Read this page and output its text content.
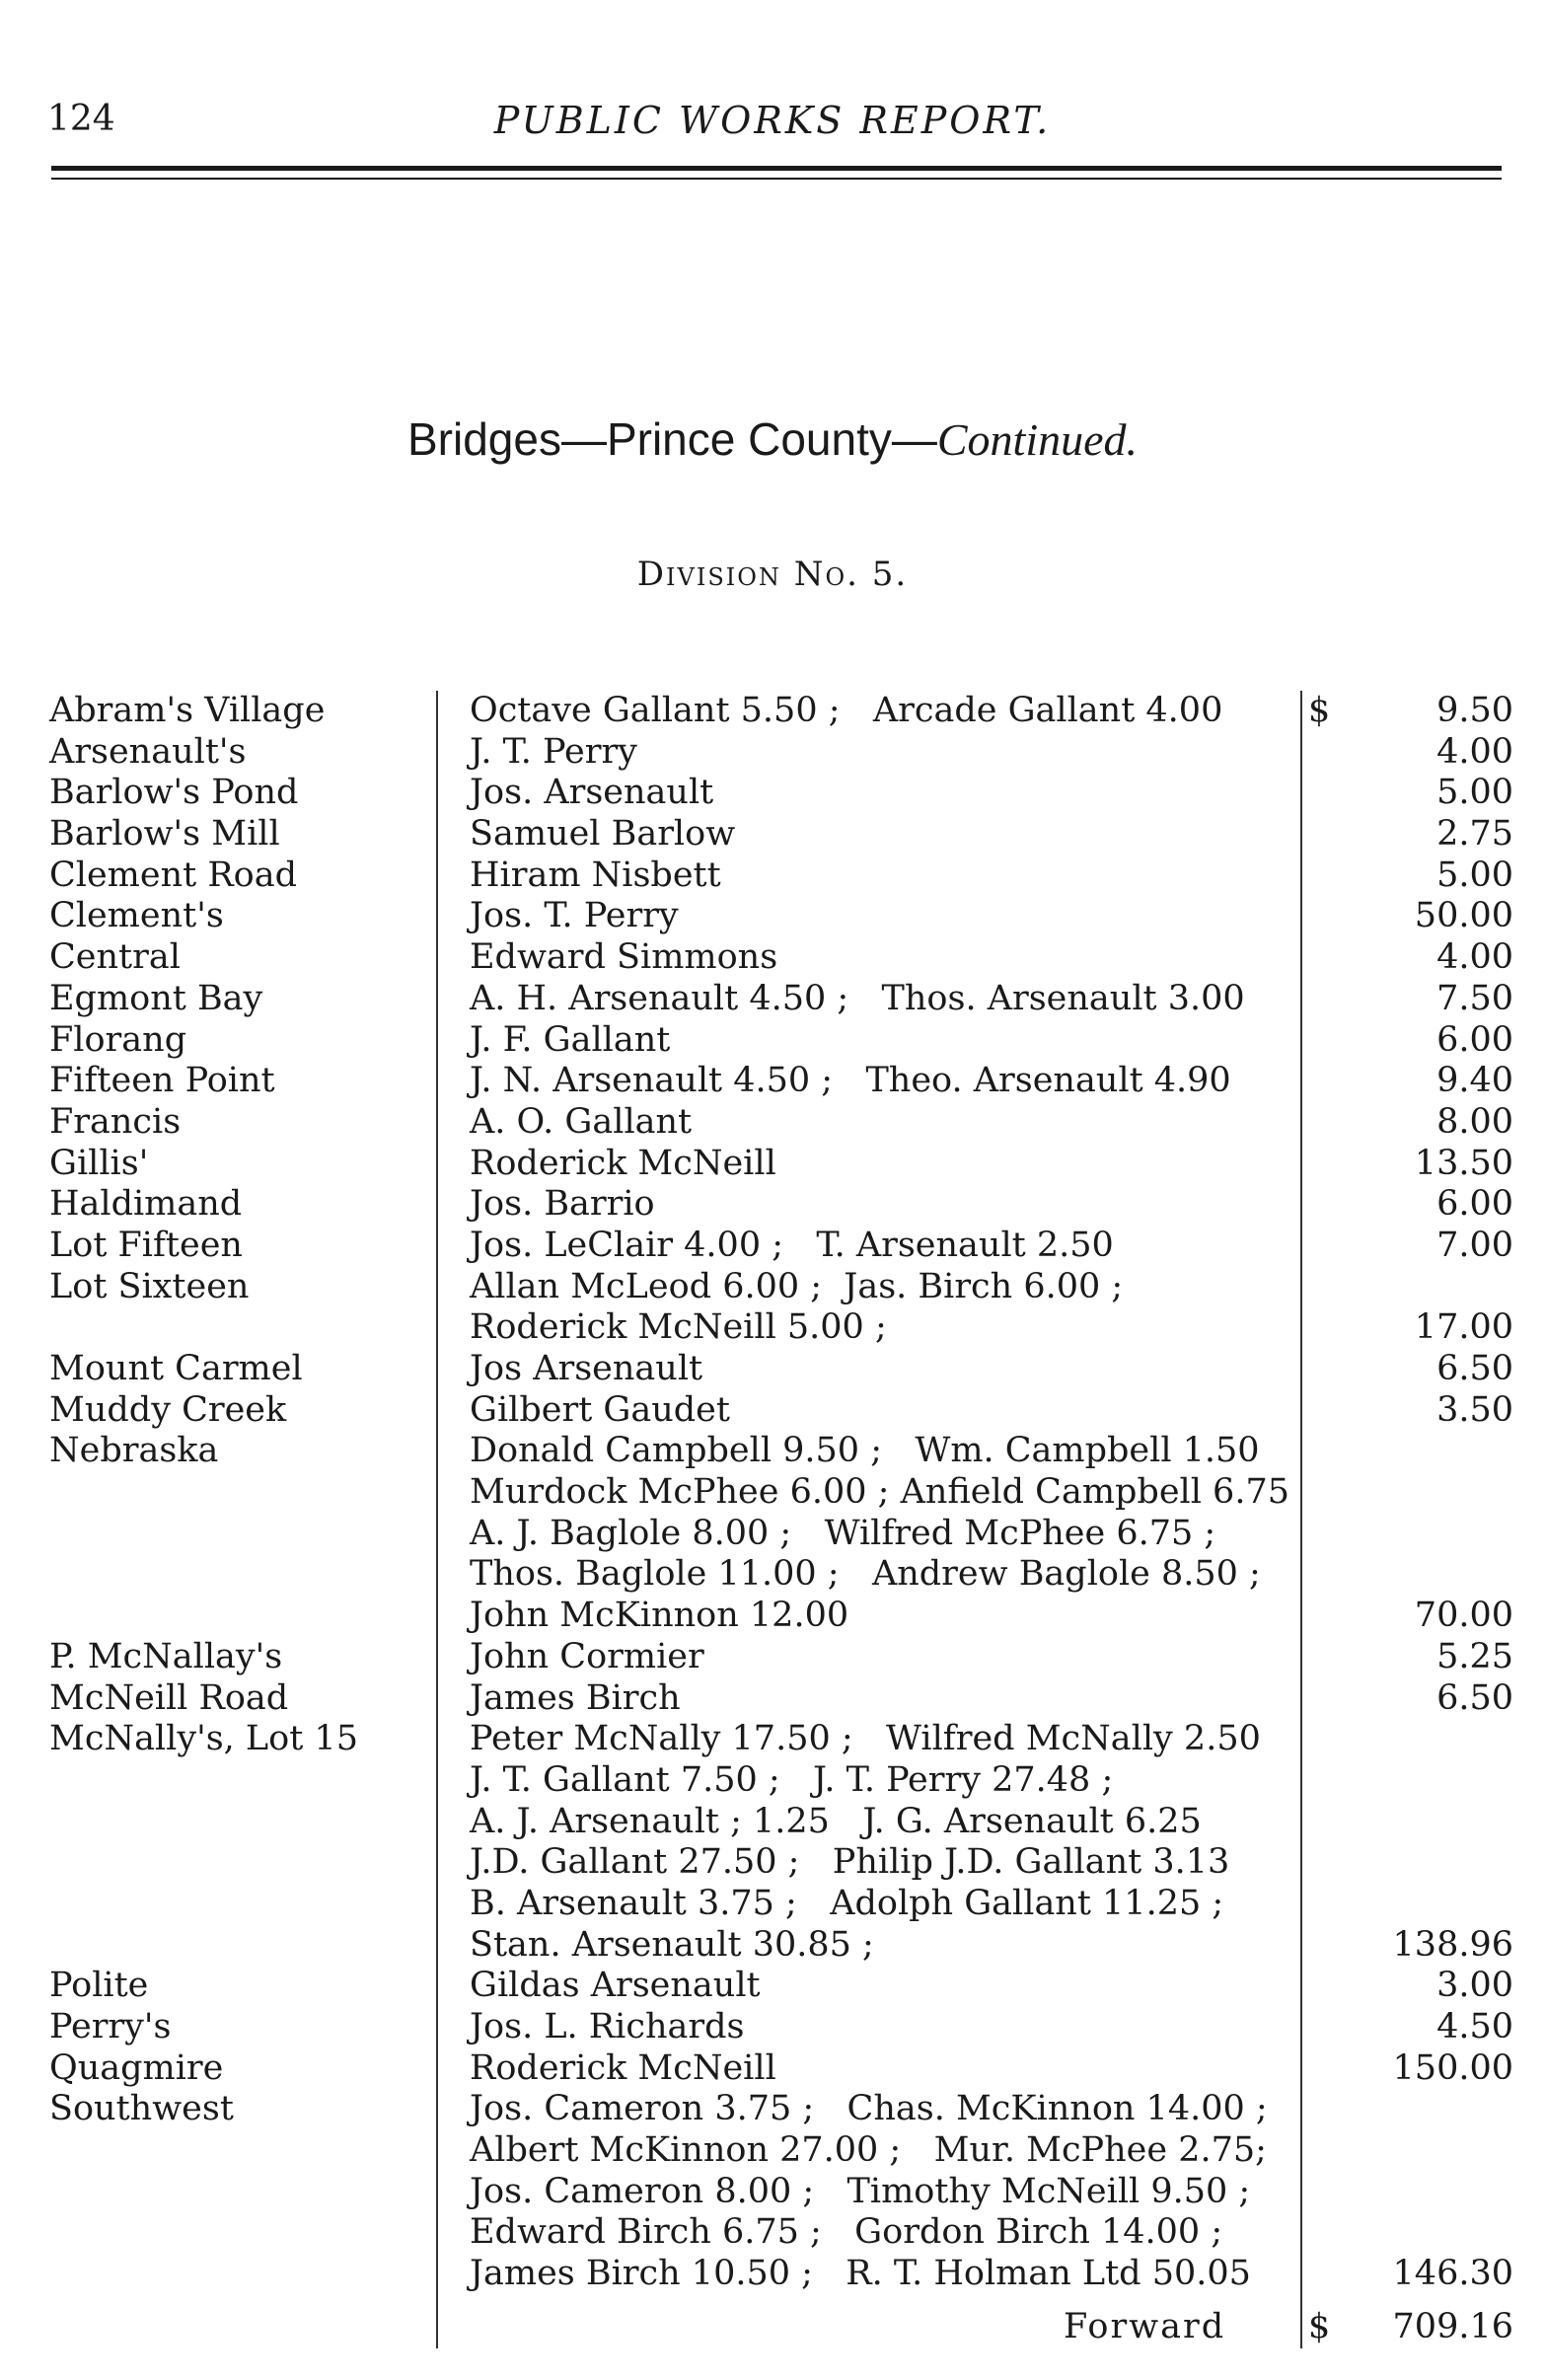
124	PUBLIC WORKS REPORT.
Bridges—Prince County—Continued.
Division No. 5.
Abram's Village	Octave Gallant 5.50 ;   Arcade Gallant 4.00	9.50
$
Arsenault's	J. T. Perry	4.00
Barlow's Pond	Jos. Arsenault	5.00
Barlow's Mill	Samuel Barlow	2.75
Clement Road	Hiram Nisbett	5.00
Clement's	Jos. T. Perry	50.00
Central	Edward Simmons	4.00
Egmont Bay	A. H. Arsenault 4.50 ;   Thos. Arsenault 3.00	7.50
Florang	J. F. Gallant	6.00
Fifteen Point	J. N. Arsenault 4.50 ;   Theo. Arsenault 4.90	9.40
Francis	A. O. Gallant	8.00
Gillis'	Roderick McNeill	13.50
Haldimand	Jos. Barrio	6.00
Lot Fifteen	Jos. LeClair 4.00 ;   T. Arsenault 2.50	7.00
Lot Sixteen	Allan McLeod 6.00 ;  Jas. Birch 6.00 ;
Roderick McNeill 5.00 ;	17.00
Mount Carmel	Jos Arsenault	6.50
Muddy Creek	Gilbert Gaudet	3.50
Nebraska	Donald Campbell 9.50 ;   Wm. Campbell 1.50
Murdock McPhee 6.00 ; Anfield Campbell 6.75
A. J. Baglole 8.00 ;   Wilfred McPhee 6.75 ;
Thos. Baglole 11.00 ;   Andrew Baglole 8.50 ;
John McKinnon 12.00	70.00
P. McNallay's	John Cormier	5.25
McNeill Road	James Birch	6.50
McNally's, Lot 15	Peter McNally 17.50 ;   Wilfred McNally 2.50
J. T. Gallant 7.50 ;   J. T. Perry 27.48 ;
A. J. Arsenault ; 1.25   J. G. Arsenault 6.25
J.D. Gallant 27.50 ;   Philip J.D. Gallant 3.13
B. Arsenault 3.75 ;   Adolph Gallant 11.25 ;
Stan. Arsenault 30.85 ;	138.96
Polite	Gildas Arsenault	3.00
Perry's	Jos. L. Richards	4.50
Quagmire	Roderick McNeill	150.00
Southwest	Jos. Cameron 3.75 ;   Chas. McKinnon 14.00 ;
Albert McKinnon 27.00 ;   Mur. McPhee 2.75;
Jos. Cameron 8.00 ;   Timothy McNeill 9.50 ;
Edward Birch 6.75 ;   Gordon Birch 14.00 ;
James Birch 10.50 ;   R. T. Holman Ltd 50.05	146.30
Forward $ 709.16
